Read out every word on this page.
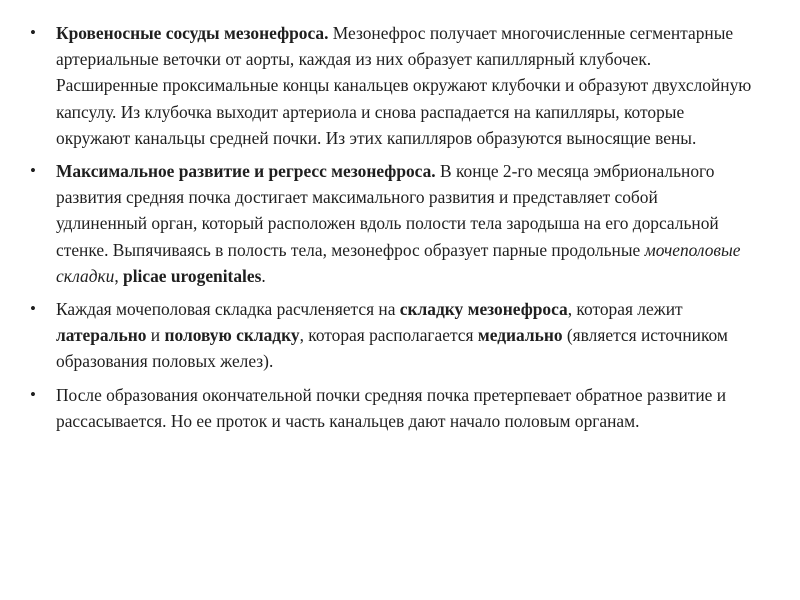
• Кровеносные сосуды мезонефроса. Мезонефрос получает многочисленные сегментарные артериальные веточки от аорты, каждая из них образует капиллярный клубочек. Расширенные проксимальные концы канальцев окружают клубочки и образуют двухслойную капсулу. Из клубочка выходит артериола и снова распадается на капилляры, которые окружают канальцы средней почки. Из этих капилляров образуются выносящие вены.
• Максимальное развитие и регресс мезонефроса. В конце 2-го месяца эмбрионального развития средняя почка достигает максимального развития и представляет собой удлиненный орган, который расположен вдоль полости тела зародыша на его дорсальной стенке. Выпячиваясь в полость тела, мезонефрос образует парные продольные мочеполовые складки, plicae urogenitales.
• Каждая мочеполовая складка расчленяется на складку мезонефроса, которая лежит латерально и половую складку, которая располагается медиально (является источником образования половых желез).
• После образования окончательной почки средняя почка претерпевает обратное развитие и рассасывается. Но ее проток и часть канальцев дают начало половым органам.
